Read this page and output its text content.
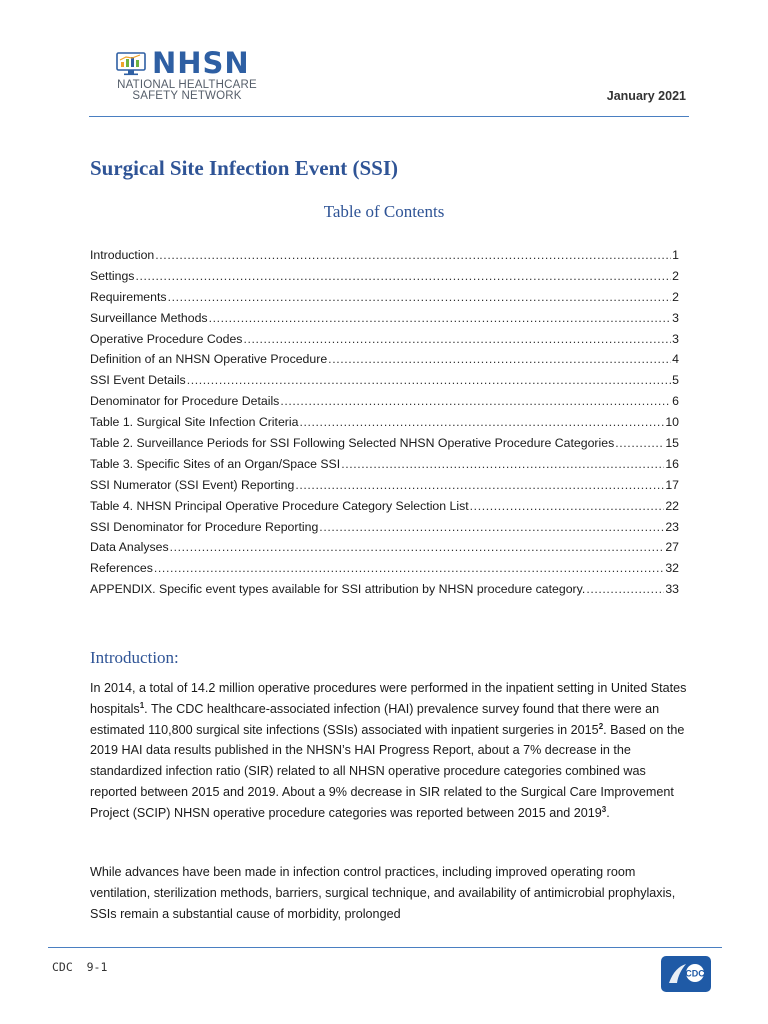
NHSN
NATIONAL HEALTHCARE
SAFETY NETWORK	January 2021
Surgical Site Infection Event (SSI)
Table of Contents
Introduction .....	1
Settings .....	2
Requirements .....	2
Surveillance Methods .....	3
Operative Procedure Codes .....	3
Definition of an NHSN Operative Procedure .....	4
SSI Event Details .....	5
Denominator for Procedure Details .....	6
Table 1. Surgical Site Infection Criteria .....	10
Table 2. Surveillance Periods for SSI Following Selected NHSN Operative Procedure Categories .....	15
Table 3. Specific Sites of an Organ/Space SSI .....	16
SSI Numerator (SSI Event) Reporting .....	17
Table 4. NHSN Principal Operative Procedure Category Selection List .....	22
SSI Denominator for Procedure Reporting .....	23
Data Analyses .....	27
References .....	32
APPENDIX. Specific event types available for SSI attribution by NHSN procedure category. .....	33
Introduction:

In 2014, a total of 14.2 million operative procedures were performed in the inpatient setting in United States hospitals$^1$. The CDC healthcare-associated infection (HAI) prevalence survey found that there were an estimated 110,800 surgical site infections (SSIs) associated with inpatient surgeries in 2015$^2$. Based on the 2019 HAI data results published in the NHSN’s HAI Progress Report, about a 7% decrease in the standardized infection ratio (SIR) related to all NHSN operative procedure categories combined was reported between 2015 and 2019. About a 9% decrease in SIR related to the Surgical Care Improvement Project (SCIP) NHSN operative procedure categories was reported between 2015 and 2019$^3$.

While advances have been made in infection control practices, including improved operating room ventilation, sterilization methods, barriers, surgical technique, and availability of antimicrobial prophylaxis, SSIs remain a substantial cause of morbidity, prolonged

CDC  9-1	CDC
